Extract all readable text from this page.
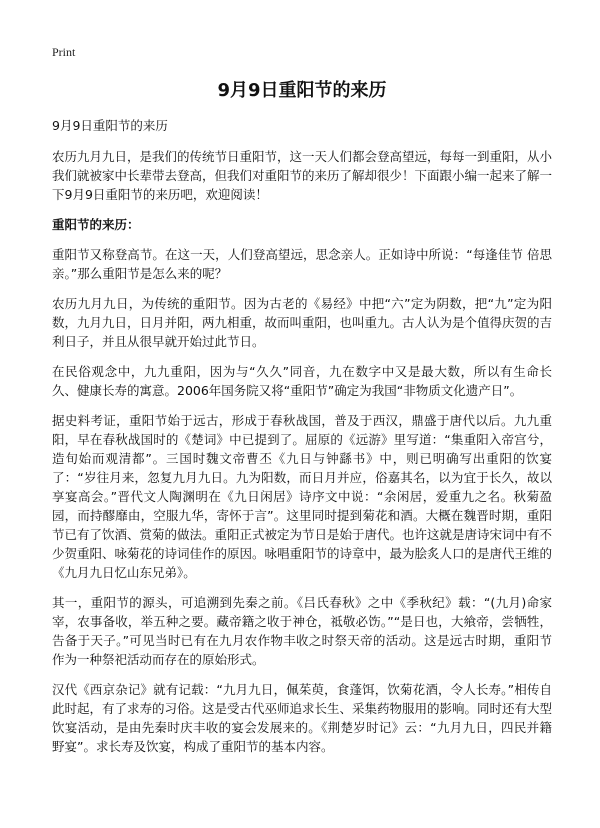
Print
9月9日重阳节的来历
9月9日重阳节的来历

农历九月九日，是我们的传统节日重阳节，这一天人们都会登高望远，每每一到重阳，从小我们就被家中长辈带去登高，但我们对重阳节的来历了解却很少！下面跟小编一起来了解一下9月9日重阳节的来历吧，欢迎阅读！

重阳节的来历：

重阳节又称登高节。在这一天，人们登高望远，思念亲人。正如诗中所说：“每逢佳节 倍思亲。”那么重阳节是怎么来的呢？

农历九月九日，为传统的重阳节。因为古老的《易经》中把“六”定为阴数，把“九”定为阳数，九月九日，日月并阳，两九相重，故而叫重阳，也叫重九。古人认为是个值得庆贺的吉利日子，并且从很早就开始过此节日。

在民俗观念中，九九重阳，因为与“久久”同音，九在数字中又是最大数，所以有生命长久、健康长寿的寓意。2006年国务院又将“重阳节”确定为我国“非物质文化遗产日”。

据史料考证，重阳节始于远古，形成于春秋战国，普及于西汉，鼎盛于唐代以后。九九重阳，早在春秋战国时的《楚词》中已提到了。屈原的《远游》里写道：“集重阳入帝宫兮，造旬始而观清都”。三国时魏文帝曹丕《九日与钟繇书》中，则已明确写出重阳的饮宴了：“岁往月来，忽复九月九日。九为阳数，而日月并应，俗嘉其名，以为宜于长久，故以享宴高会。”晋代文人陶渊明在《九日闲居》诗序文中说：“余闲居，爱重九之名。秋菊盈园，而持醪靡由，空服九华，寄怀于言”。这里同时提到菊花和酒。大概在魏晋时期，重阳节已有了饮酒、赏菊的做法。重阳正式被定为节日是始于唐代。也许这就是唐诗宋词中有不少贺重阳、咏菊花的诗词佳作的原因。咏唱重阳节的诗章中，最为脍炙人口的是唐代王维的《九月九日忆山东兄弟》。

其一，重阳节的源头，可追溯到先秦之前。《吕氏春秋》之中《季秋纪》载：“(九月)命家宰，农事备收，举五种之要。藏帝籍之收于神仓，祗敬必饬。”“是日也，大飨帝，尝牺牲，告备于天子。”可见当时已有在九月农作物丰收之时祭天帝的活动。这是远古时期，重阳节作为一种祭祀活动而存在的原始形式。

汉代《西京杂记》就有记载：“九月九日，佩茱萸，食蓬饵，饮菊花酒，令人长寿。”相传自此时起，有了求寿的习俗。这是受古代巫师追求长生、采集药物服用的影响。同时还有大型饮宴活动，是由先秦时庆丰收的宴会发展来的。《荆楚岁时记》云：“九月九日，四民并籍野宴”。求长寿及饮宴，构成了重阳节的基本内容。
